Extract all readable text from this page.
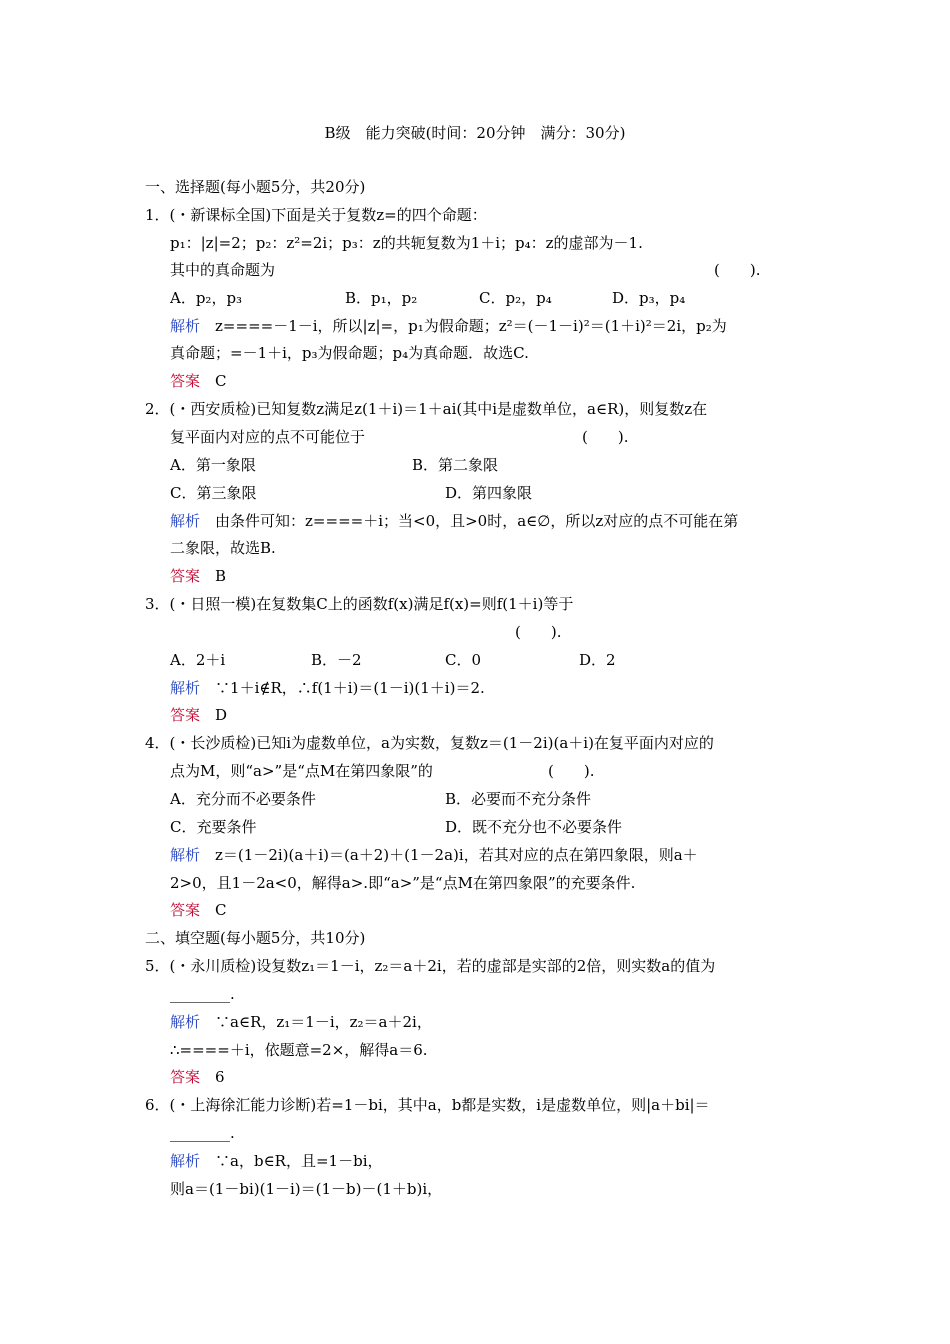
B级　能力突破(时间：20分钟　满分：30分)
一、选择题(每小题5分，共20分)
1．(・新课标全国)下面是关于复数z=的四个命题：
p₁：|z|=2；p₂：z²=2i；p₃：z的共轭复数为1＋i；p₄：z的虚部为－1.
其中的真命题为	(　　).
A．p₂，p₃	B．p₁，p₂	C．p₂，p₄	D．p₃，p₄
解析　 z====－1－i，所以|z|=，p₁为假命题；z²＝(－1－i)²＝(1＋i)²＝2i，p₂为
真命题；=－1＋i，p₃为假命题；p₄为真命题．故选C.
答案　 C
2．(・西安质检)已知复数z满足z(1＋i)＝1＋ai(其中i是虚数单位，a∈R)，则复数z在
复平面内对应的点不可能位于	(　　).
A．第一象限	B．第二象限
C．第三象限	D．第四象限
解析　 由条件可知：z====＋i；当<0，且>0时，a∈∅，所以z对应的点不可能在第
二象限，故选B.
答案　 B
3．(・日照一模)在复数集C上的函数f(x)满足f(x)=则f(1＋i)等于
(　　).
A．2＋i	B．－2	C．0	D．2
解析　 ∵1＋i∉R，∴f(1＋i)＝(1－i)(1＋i)＝2.
答案　 D
4．(・长沙质检)已知i为虚数单位，a为实数，复数z＝(1－2i)(a＋i)在复平面内对应的
点为M，则“a>”是“点M在第四象限”的	(　　).
A．充分而不必要条件	B．必要而不充分条件
C．充要条件	D．既不充分也不必要条件
解析　 z＝(1－2i)(a＋i)＝(a＋2)＋(1－2a)i，若其对应的点在第四象限，则a＋
2>0，且1－2a<0，解得a>.即“a>”是“点M在第四象限”的充要条件.
答案　 C
二、填空题(每小题5分，共10分)
5．(・永川质检)设复数z₁＝1－i，z₂＝a＋2i，若的虚部是实部的2倍，则实数a的值为
________.
解析　 ∵a∈R，z₁＝1－i，z₂＝a＋2i，
∴====＋i，依题意=2×，解得a＝6.
答案　 6
6．(・上海徐汇能力诊断)若=1－bi，其中a，b都是实数，i是虚数单位，则|a＋bi|＝
________.
解析　 ∵a，b∈R，且=1－bi，
则a＝(1－bi)(1－i)＝(1－b)－(1＋b)i，
